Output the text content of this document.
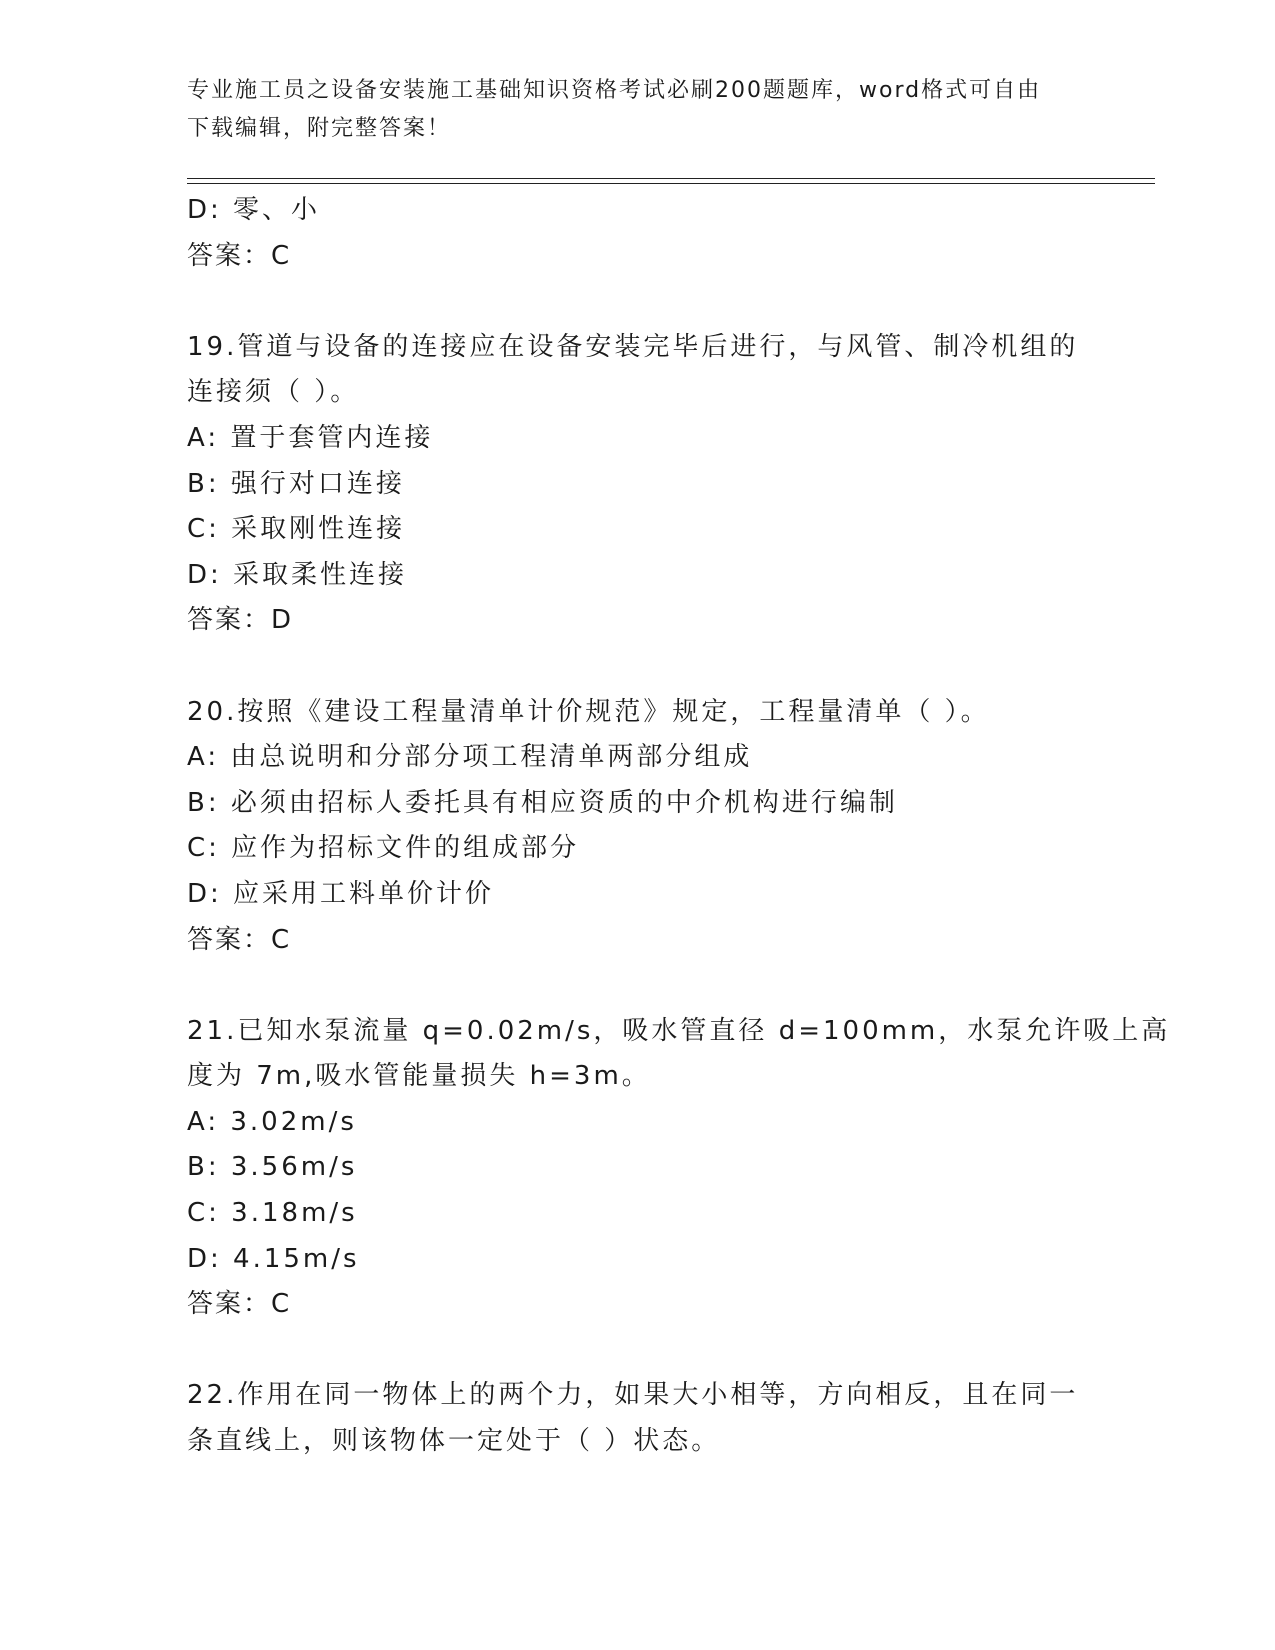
专业施工员之设备安装施工基础知识资格考试必刷200题题库，word格式可自由
下载编辑，附完整答案！
D: 零、小
答案：C
19.管道与设备的连接应在设备安装完毕后进行，与风管、制冷机组的
连接须（ ）。
A: 置于套管内连接
B: 强行对口连接
C: 采取刚性连接
D: 采取柔性连接
答案：D
20.按照《建设工程量清单计价规范》规定，工程量清单（ ）。
A: 由总说明和分部分项工程清单两部分组成
B: 必须由招标人委托具有相应资质的中介机构进行编制
C: 应作为招标文件的组成部分
D: 应采用工料单价计价
答案：C
21.已知水泵流量 q=0.02m/s，吸水管直径 d=100mm，水泵允许吸上高
度为 7m,吸水管能量损失 h=3m。
A: 3.02m/s
B: 3.56m/s
C: 3.18m/s
D: 4.15m/s
答案：C
22.作用在同一物体上的两个力，如果大小相等，方向相反，且在同一
条直线上，则该物体一定处于（ ）状态。
